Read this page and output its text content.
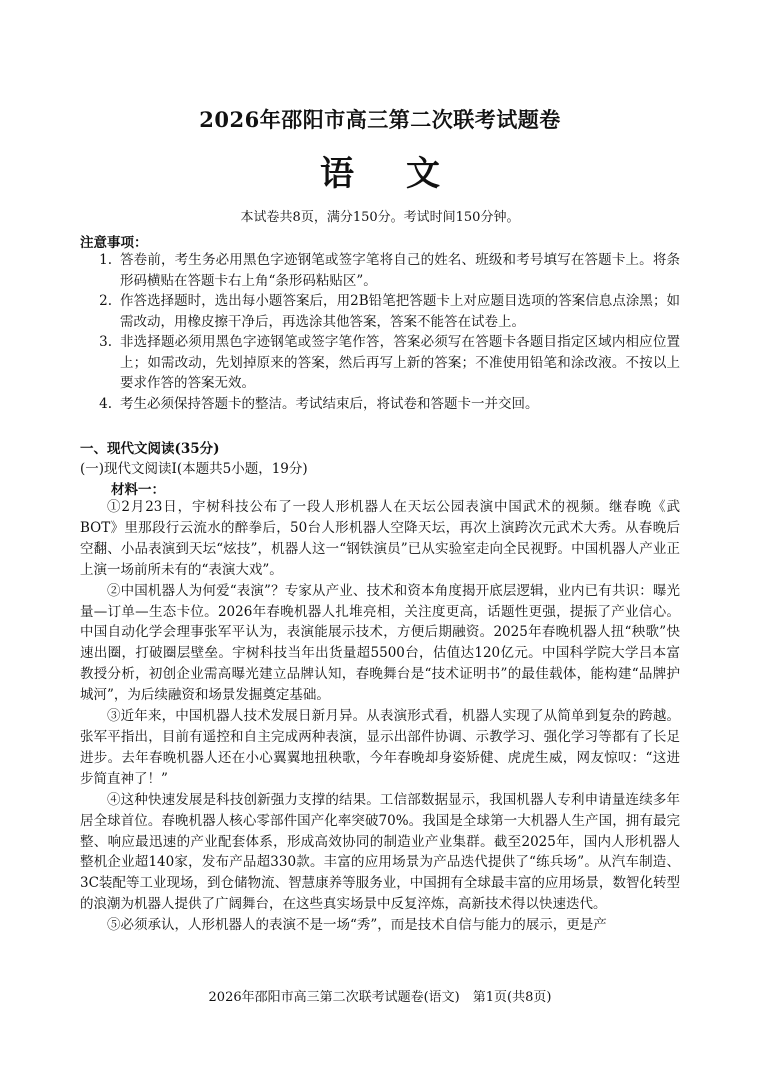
2026年邵阳市高三第二次联考试题卷
语 文
本试卷共8页，满分150分。考试时间150分钟。
注意事项：
1. 答卷前，考生务必用黑色字迹钢笔或签字笔将自己的姓名、班级和考号填写在答题卡上。将条形码横贴在答题卡右上角“条形码粘贴区”。
2. 作答选择题时，选出每小题答案后，用2B铅笔把答题卡上对应题目选项的答案信息点涂黑；如需改动，用橡皮擦干净后，再选涂其他答案，答案不能答在试卷上。
3. 非选择题必须用黑色字迹钢笔或签字笔作答，答案必须写在答题卡各题目指定区域内相应位置上；如需改动，先划掉原来的答案，然后再写上新的答案；不准使用铅笔和涂改液。不按以上要求作答的答案无效。
4. 考生必须保持答题卡的整洁。考试结束后，将试卷和答题卡一并交回。
一、现代文阅读(35分)
(一)现代文阅读Ⅰ(本题共5小题，19分)
材料一：

①2月23日，宇树科技公布了一段人形机器人在天坛公园表演中国武术的视频。继春晚《武BOT》里那段行云流水的醉拳后，50台人形机器人空降天坛，再次上演跨次元武术大秀。从春晚后空翻、小品表演到天坛“炫技”，机器人这一“钢铁演员”已从实验室走向全民视野。中国机器人产业正上演一场前所未有的“表演大戏”。

②中国机器人为何爱“表演”？专家从产业、技术和资本角度揭开底层逻辑，业内已有共识：曝光量—订单—生态卡位。2026年春晚机器人扎堆亮相，关注度更高，话题性更强，提振了产业信心。中国自动化学会理事张军平认为，表演能展示技术，方便后期融资。2025年春晚机器人扭“秧歌”快速出圈，打破圈层壁垒。宇树科技当年出货量超5500台，估值达120亿元。中国科学院大学吕本富教授分析，初创企业需高曝光建立品牌认知，春晚舞台是“技术证明书”的最佳载体，能构建“品牌护城河”，为后续融资和场景发掘奠定基础。

③近年来，中国机器人技术发展日新月异。从表演形式看，机器人实现了从简单到复杂的跨越。张军平指出，目前有遥控和自主完成两种表演，显示出部件协调、示教学习、强化学习等都有了长足进步。去年春晚机器人还在小心翼翼地扭秧歌，今年春晚却身姿矫健、虎虎生威，网友惊叹：“这进步简直神了！”

④这种快速发展是科技创新强力支撑的结果。工信部数据显示，我国机器人专利申请量连续多年居全球首位。春晚机器人核心零部件国产化率突破70%。我国是全球第一大机器人生产国，拥有最完整、响应最迅速的产业配套体系，形成高效协同的制造业产业集群。截至2025年，国内人形机器人整机企业超140家，发布产品超330款。丰富的应用场景为产品迭代提供了“练兵场”。从汽车制造、3C装配等工业现场，到仓储物流、智慧康养等服务业，中国拥有全球最丰富的应用场景，数智化转型的浪潮为机器人提供了广阔舞台，在这些真实场景中反复淬炼，高新技术得以快速迭代。

⑤必须承认，人形机器人的表演不是一场“秀”，而是技术自信与能力的展示，更是产

2026年邵阳市高三第二次联考试题卷(语文)　第1页(共8页)
